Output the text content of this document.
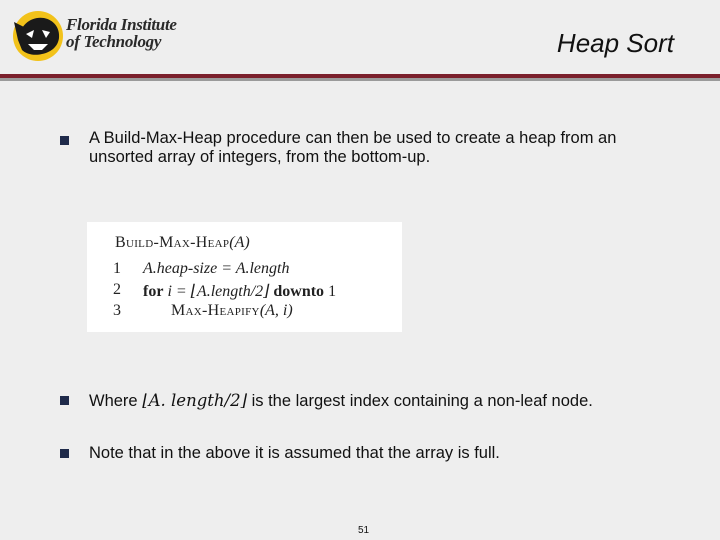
Florida Institute
of Technology	Heap Sort

A Build-Max-Heap procedure can then be used to create a heap from an unsorted array of integers, from the bottom-up.

Build-Max-Heap(A)
1 A.heap-size = A.length
2 for i = ⌊A.length/2⌋ downto 1
3	Max-Heapify(A, i)
Where ⌊A. length/2⌋ is the largest index containing a non-leaf node.

Note that in the above it is assumed that the array is full.

51
